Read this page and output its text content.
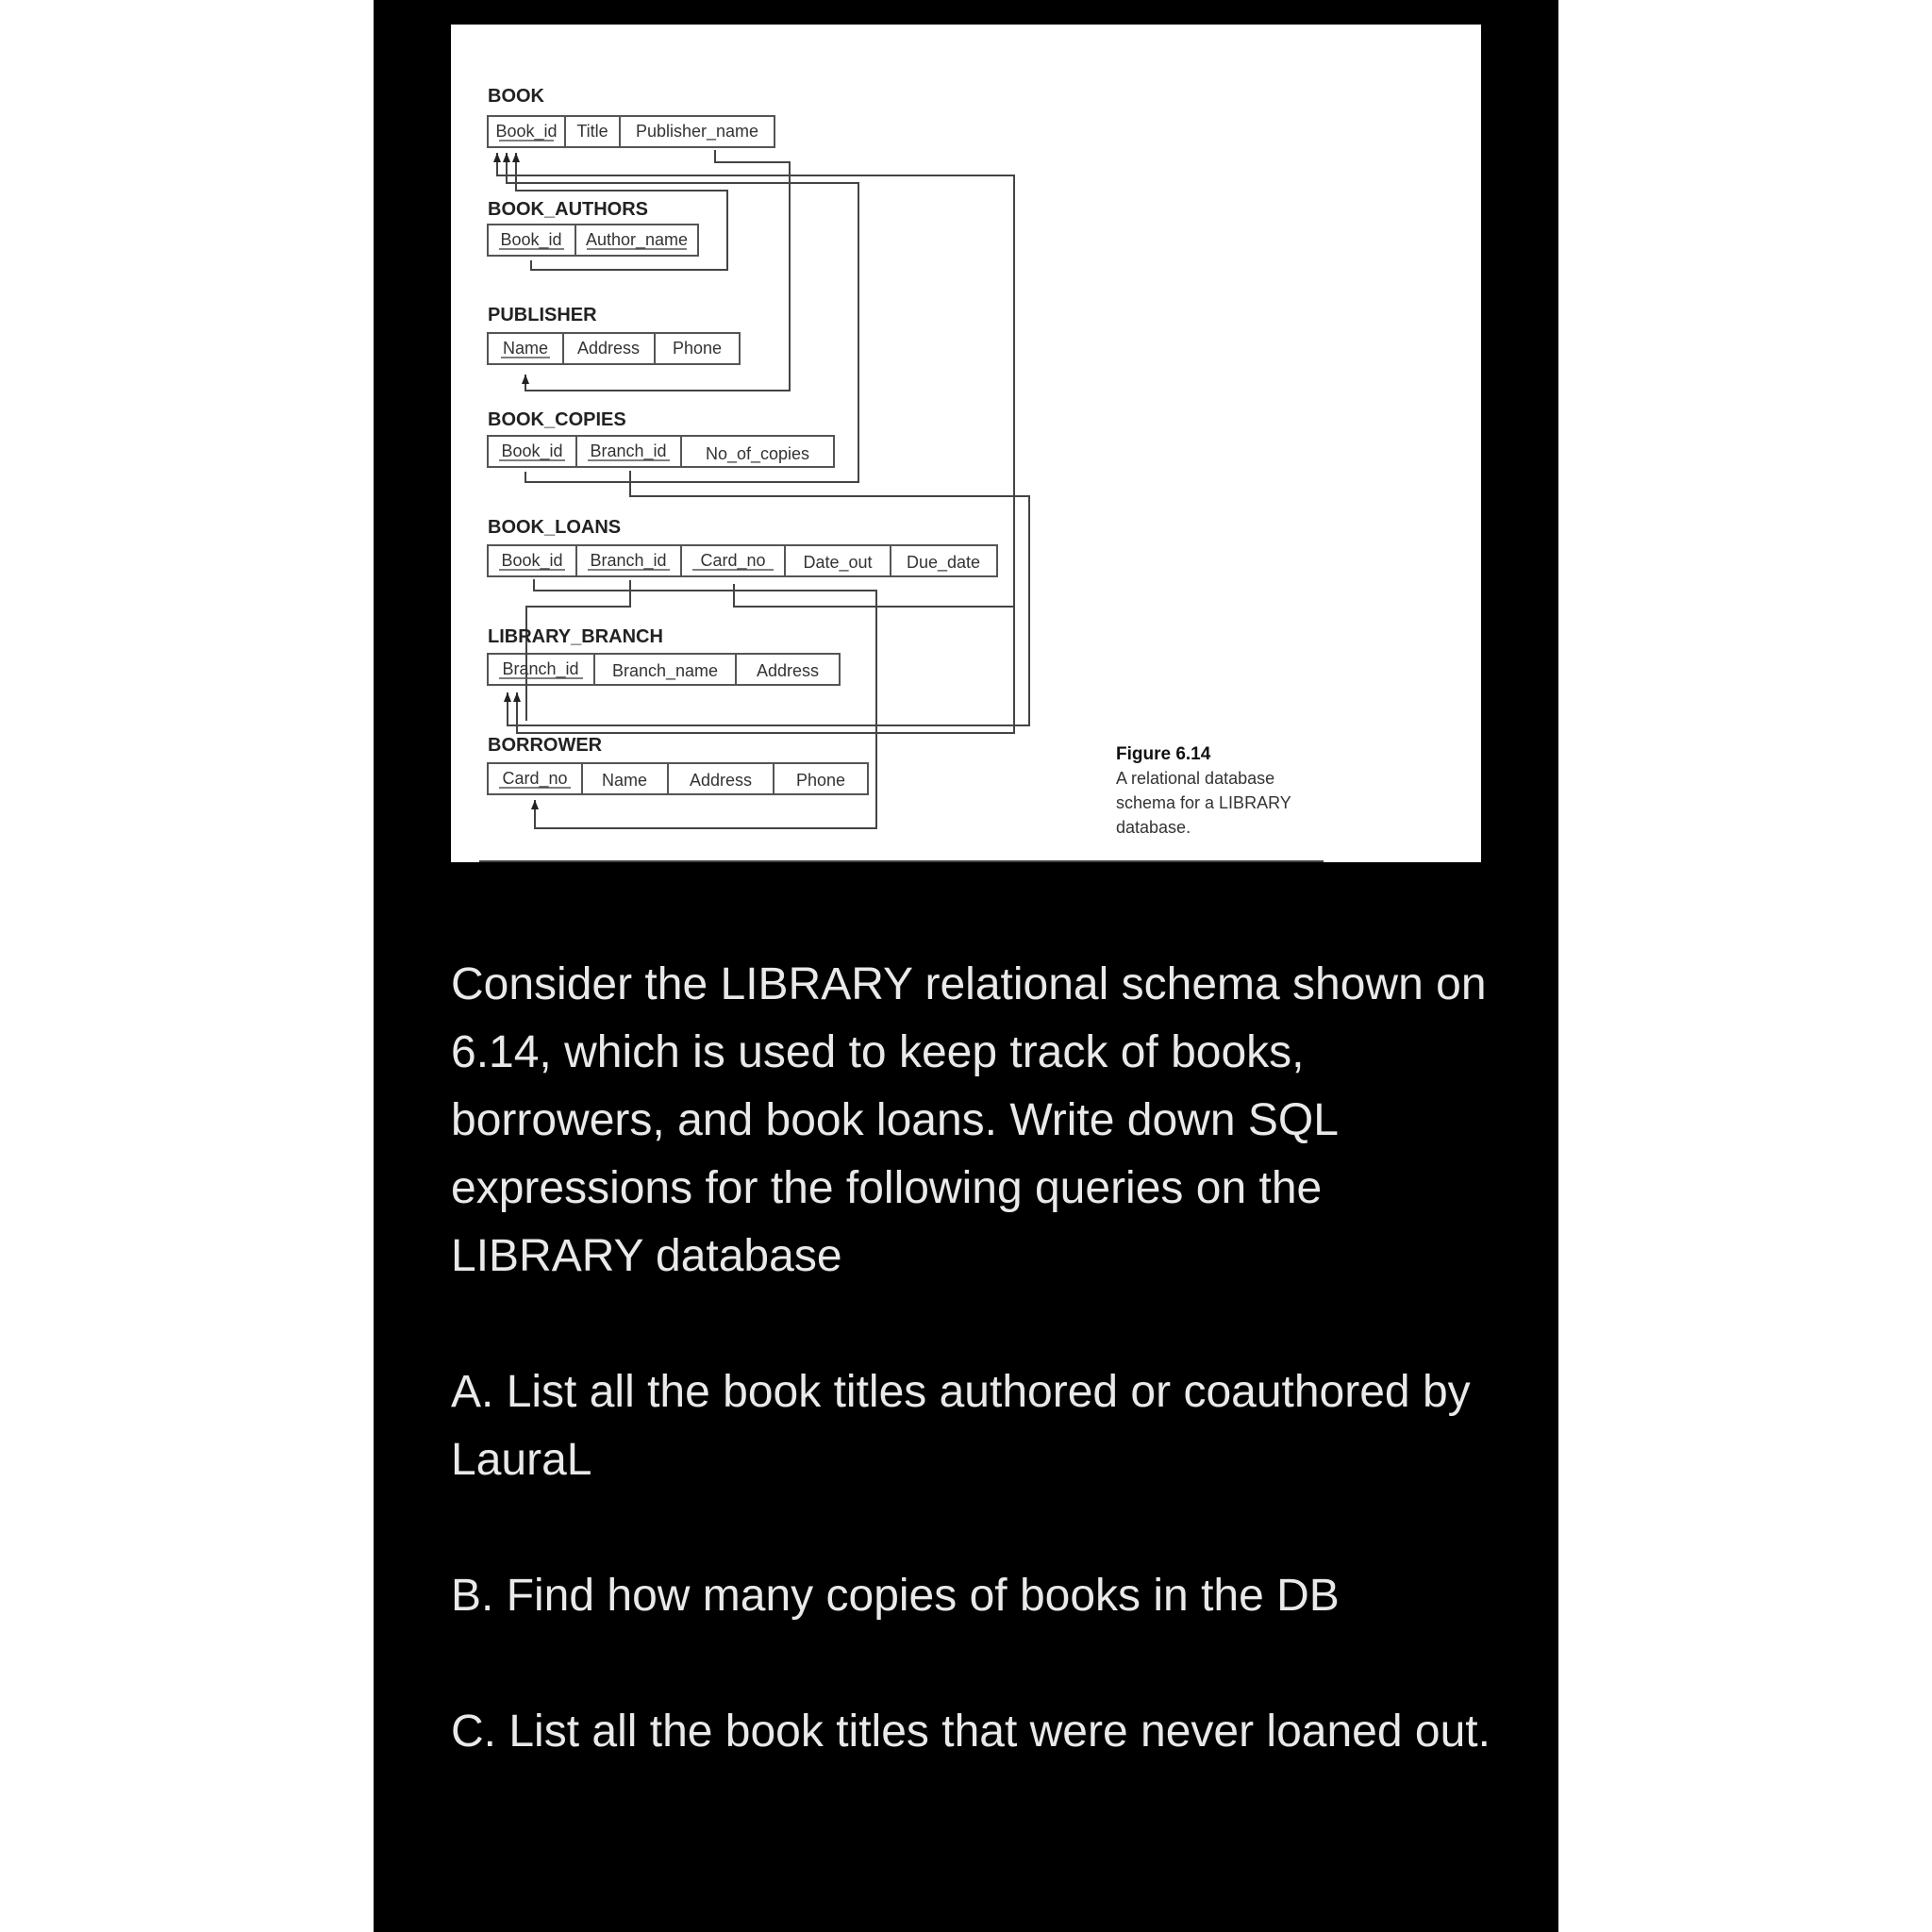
BOOK
BOOK_AUTHORS
PUBLISHER
BOOK_COPIES
BOOK_LOANS
LIBRARY_BRANCH
BORROWER
Book_id Title Publisher_name
Book_id Author_name
Name Address Phone
Book_id Branch_id No_of_copies
Book_id Branch_id Card_no Date_out Due_date
Branch_id Branch_name Address
Card_no Name Address	Phone
Figure 6.14
A relational database
schema for a LIBRARY
database.

Consider the LIBRARY relational schema shown on 6.14, which is used to keep track of books, borrowers, and book loans. Write down SQL expressions for the following queries on the LIBRARY database

A. List all the book titles authored or coauthored by LauraL

B. Find how many copies of books in the DB

C. List all the book titles that were never loaned out.
